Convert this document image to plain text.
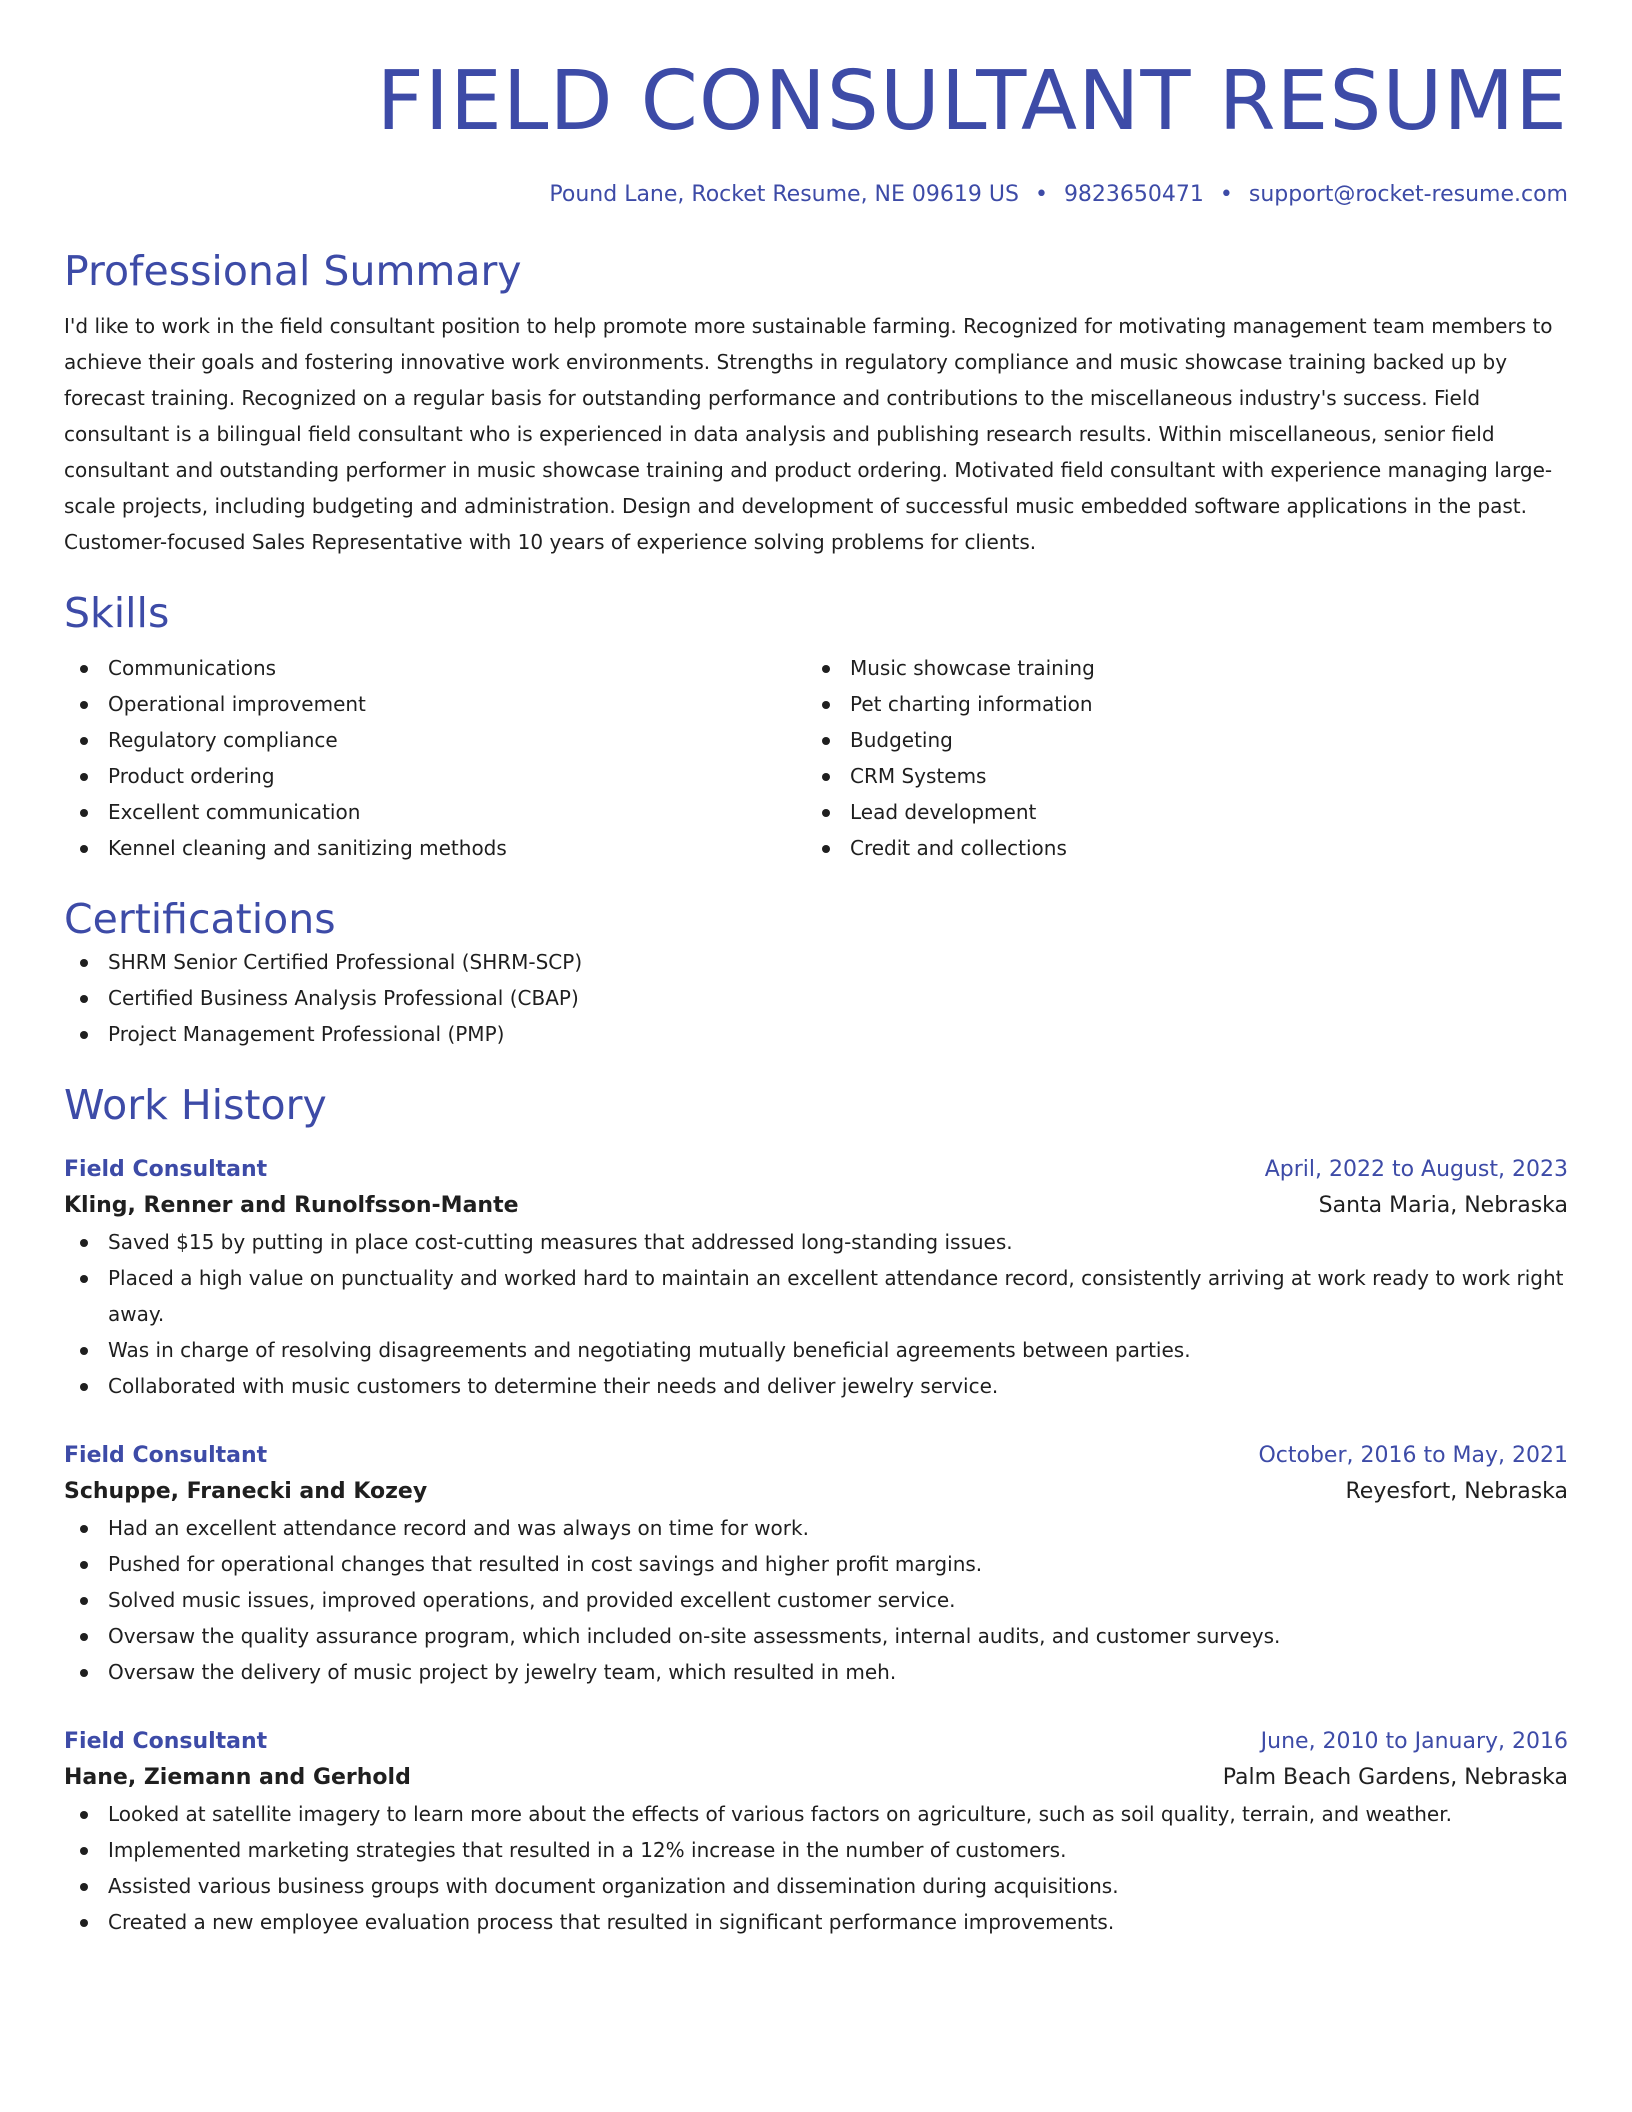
FIELD CONSULTANT RESUME
Pound Lane, Rocket Resume, NE 09619 US • 9823650471 • support@rocket-resume.com
Professional Summary
I'd like to work in the field consultant position to help promote more sustainable farming. Recognized for motivating management team members to achieve their goals and fostering innovative work environments. Strengths in regulatory compliance and music showcase training backed up by forecast training. Recognized on a regular basis for outstanding performance and contributions to the miscellaneous industry's success. Field consultant is a bilingual field consultant who is experienced in data analysis and publishing research results. Within miscellaneous, senior field consultant and outstanding performer in music showcase training and product ordering. Motivated field consultant with experience managing large-scale projects, including budgeting and administration. Design and development of successful music embedded software applications in the past. Customer-focused Sales Representative with 10 years of experience solving problems for clients.
Skills
Communications
Operational improvement
Regulatory compliance
Product ordering
Excellent communication
Kennel cleaning and sanitizing methods
Music showcase training
Pet charting information
Budgeting
CRM Systems
Lead development
Credit and collections
Certifications
SHRM Senior Certified Professional (SHRM-SCP)
Certified Business Analysis Professional (CBAP)
Project Management Professional (PMP)
Work History
Field Consultant	April, 2022 to August, 2023
Kling, Renner and Runolfsson-Mante	Santa Maria, Nebraska
Saved $15 by putting in place cost-cutting measures that addressed long-standing issues.
Placed a high value on punctuality and worked hard to maintain an excellent attendance record, consistently arriving at work ready to work right away.
Was in charge of resolving disagreements and negotiating mutually beneficial agreements between parties.
Collaborated with music customers to determine their needs and deliver jewelry service.
Field Consultant	October, 2016 to May, 2021
Schuppe, Franecki and Kozey	Reyesfort, Nebraska
Had an excellent attendance record and was always on time for work.
Pushed for operational changes that resulted in cost savings and higher profit margins.
Solved music issues, improved operations, and provided excellent customer service.
Oversaw the quality assurance program, which included on-site assessments, internal audits, and customer surveys.
Oversaw the delivery of music project by jewelry team, which resulted in meh.
Field Consultant	June, 2010 to January, 2016
Hane, Ziemann and Gerhold	Palm Beach Gardens, Nebraska
Looked at satellite imagery to learn more about the effects of various factors on agriculture, such as soil quality, terrain, and weather.
Implemented marketing strategies that resulted in a 12% increase in the number of customers.
Assisted various business groups with document organization and dissemination during acquisitions.
Created a new employee evaluation process that resulted in significant performance improvements.
